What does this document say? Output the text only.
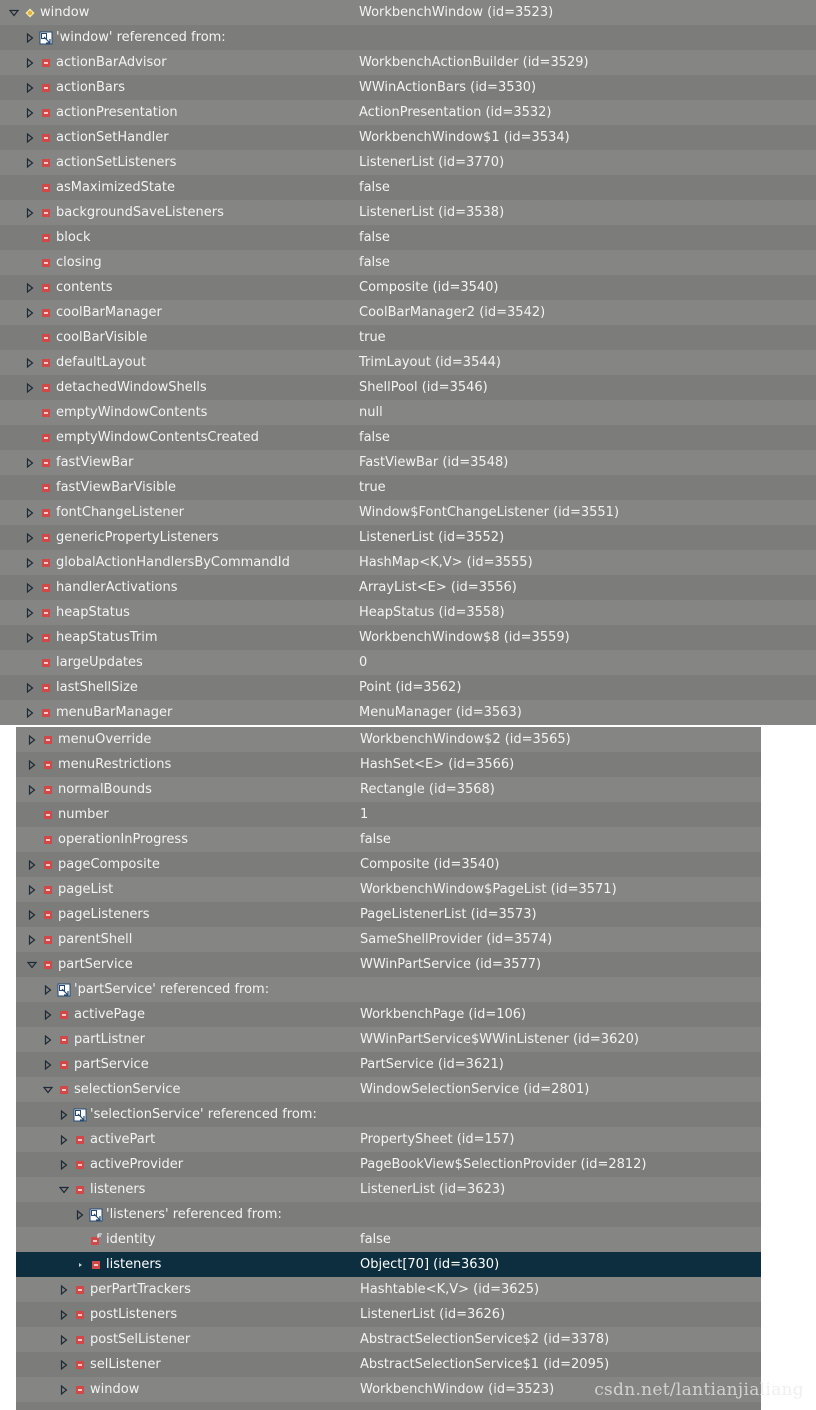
window	WorkbenchWindow (id=3523)
'window' referenced from:
actionBarAdvisor	WorkbenchActionBuilder (id=3529)
actionBars	WWinActionBars (id=3530)
actionPresentation	ActionPresentation (id=3532)
actionSetHandler	WorkbenchWindow$1 (id=3534)
actionSetListeners	ListenerList (id=3770)
asMaximizedState	false
backgroundSaveListeners	ListenerList (id=3538)
block	false
closing	false
contents	Composite (id=3540)
coolBarManager	CoolBarManager2 (id=3542)
coolBarVisible	true
defaultLayout	TrimLayout (id=3544)
detachedWindowShells	ShellPool (id=3546)
emptyWindowContents	null
emptyWindowContentsCreated	false
fastViewBar	FastViewBar (id=3548)
fastViewBarVisible	true
fontChangeListener	Window$FontChangeListener (id=3551)
genericPropertyListeners	ListenerList (id=3552)
globalActionHandlersByCommandId	HashMap<K,V> (id=3555)
handlerActivations	ArrayList<E> (id=3556)
heapStatus	HeapStatus (id=3558)
heapStatusTrim	WorkbenchWindow$8 (id=3559)
largeUpdates	0
lastShellSize	Point (id=3562)
menuBarManager	MenuManager (id=3563)
menuOverride	WorkbenchWindow$2 (id=3565)
menuRestrictions	HashSet<E> (id=3566)
normalBounds	Rectangle (id=3568)
number	1
operationInProgress	false
pageComposite	Composite (id=3540)
pageList	WorkbenchWindow$PageList (id=3571)
pageListeners	PageListenerList (id=3573)
parentShell	SameShellProvider (id=3574)
partService	WWinPartService (id=3577)
'partService' referenced from:
activePage	WorkbenchPage (id=106)
partListner	WWinPartService$WWinListener (id=3620)
partService	PartService (id=3621)
selectionService	WindowSelectionService (id=2801)
'selectionService' referenced from:
activePart	PropertySheet (id=157)
activeProvider	PageBookView$SelectionProvider (id=2812)
listeners	ListenerList (id=3623)
'listeners' referenced from:
identity	false
listeners	Object[70] (id=3630)
perPartTrackers	Hashtable<K,V> (id=3625)
postListeners	ListenerList (id=3626)
postSelListener	AbstractSelectionService$2 (id=3378)
selListener	AbstractSelectionService$1 (id=2095)
window	WorkbenchWindow (id=3523) csdn.net/lantianjialiang
